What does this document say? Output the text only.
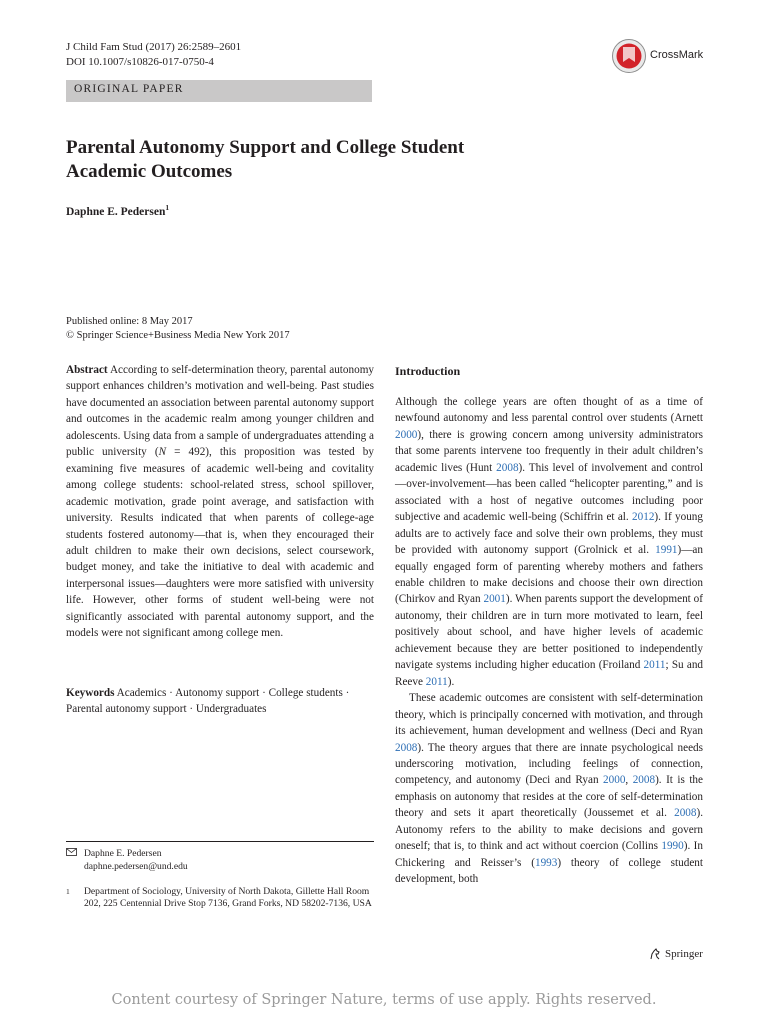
J Child Fam Stud (2017) 26:2589–2601
DOI 10.1007/s10826-017-0750-4
CrossMark
ORIGINAL PAPER
Parental Autonomy Support and College Student
Academic Outcomes
Daphne E. Pedersen$^1$
Published online: 8 May 2017
© Springer Science+Business Media New York 2017
Abstract According to self-determination theory, parental autonomy support enhances children’s motivation and well-being. Past studies have documented an association between parental autonomy support and outcomes in the academic realm among younger children and adolescents. Using data from a sample of undergraduates attending a public university (N = 492), this proposition was tested by examining five measures of academic well-being and covitality among college students: school-related stress, school spillover, academic motivation, grade point average, and satisfaction with university. Results indicated that when parents of college-age students fostered autonomy—that is, when they encouraged their adult children to make their own decisions, select coursework, budget money, and take the initiative to deal with academic and interpersonal issues—daughters were more satisfied with university life. However, other forms of student well-being were not significantly associated with parental autonomy support, and the models were not significant among college men.
Keywords Academics · Autonomy support · College students · Parental autonomy support · Undergraduates
Daphne E. Pedersen
daphne.pedersen@und.edu
1	Department of Sociology, University of North Dakota, Gillette Hall Room 202, 225 Centennial Drive Stop 7136, Grand Forks, ND 58202-7136, USA
Introduction

Although the college years are often thought of as a time of newfound autonomy and less parental control over students (Arnett 2000), there is growing concern among university administrators that some parents intervene too frequently in their adult children’s academic lives (Hunt 2008). This level of involvement and control—over-involvement—has been called “helicopter parenting,” and is associated with a host of negative outcomes including poor subjective and academic well-being (Schiffrin et al. 2012). If young adults are to actively face and solve their own problems, they must be provided with autonomy support (Grolnick et al. 1991)—an equally engaged form of parenting whereby mothers and fathers enable children to make decisions and choose their own direction (Chirkov and Ryan 2001). When parents support the development of autonomy, their children are in turn more motivated to learn, feel positively about school, and have higher levels of academic achievement because they are better positioned to independently navigate systems including higher education (Froiland 2011; Su and Reeve 2011).

These academic outcomes are consistent with self-determination theory, which is principally concerned with motivation, and through its achievement, human development and wellness (Deci and Ryan 2008). The theory argues that there are innate psychological needs underscoring motivation, including feelings of connection, competency, and autonomy (Deci and Ryan 2000, 2008). It is the emphasis on autonomy that resides at the core of self-determination theory and sets it apart theoretically (Joussemet et al. 2008). Autonomy refers to the ability to make decisions and govern oneself; that is, to think and act without coercion (Collins 1990). In Chickering and Reisser’s (1993) theory of college student development, both

Springer
Content courtesy of Springer Nature, terms of use apply. Rights reserved.
